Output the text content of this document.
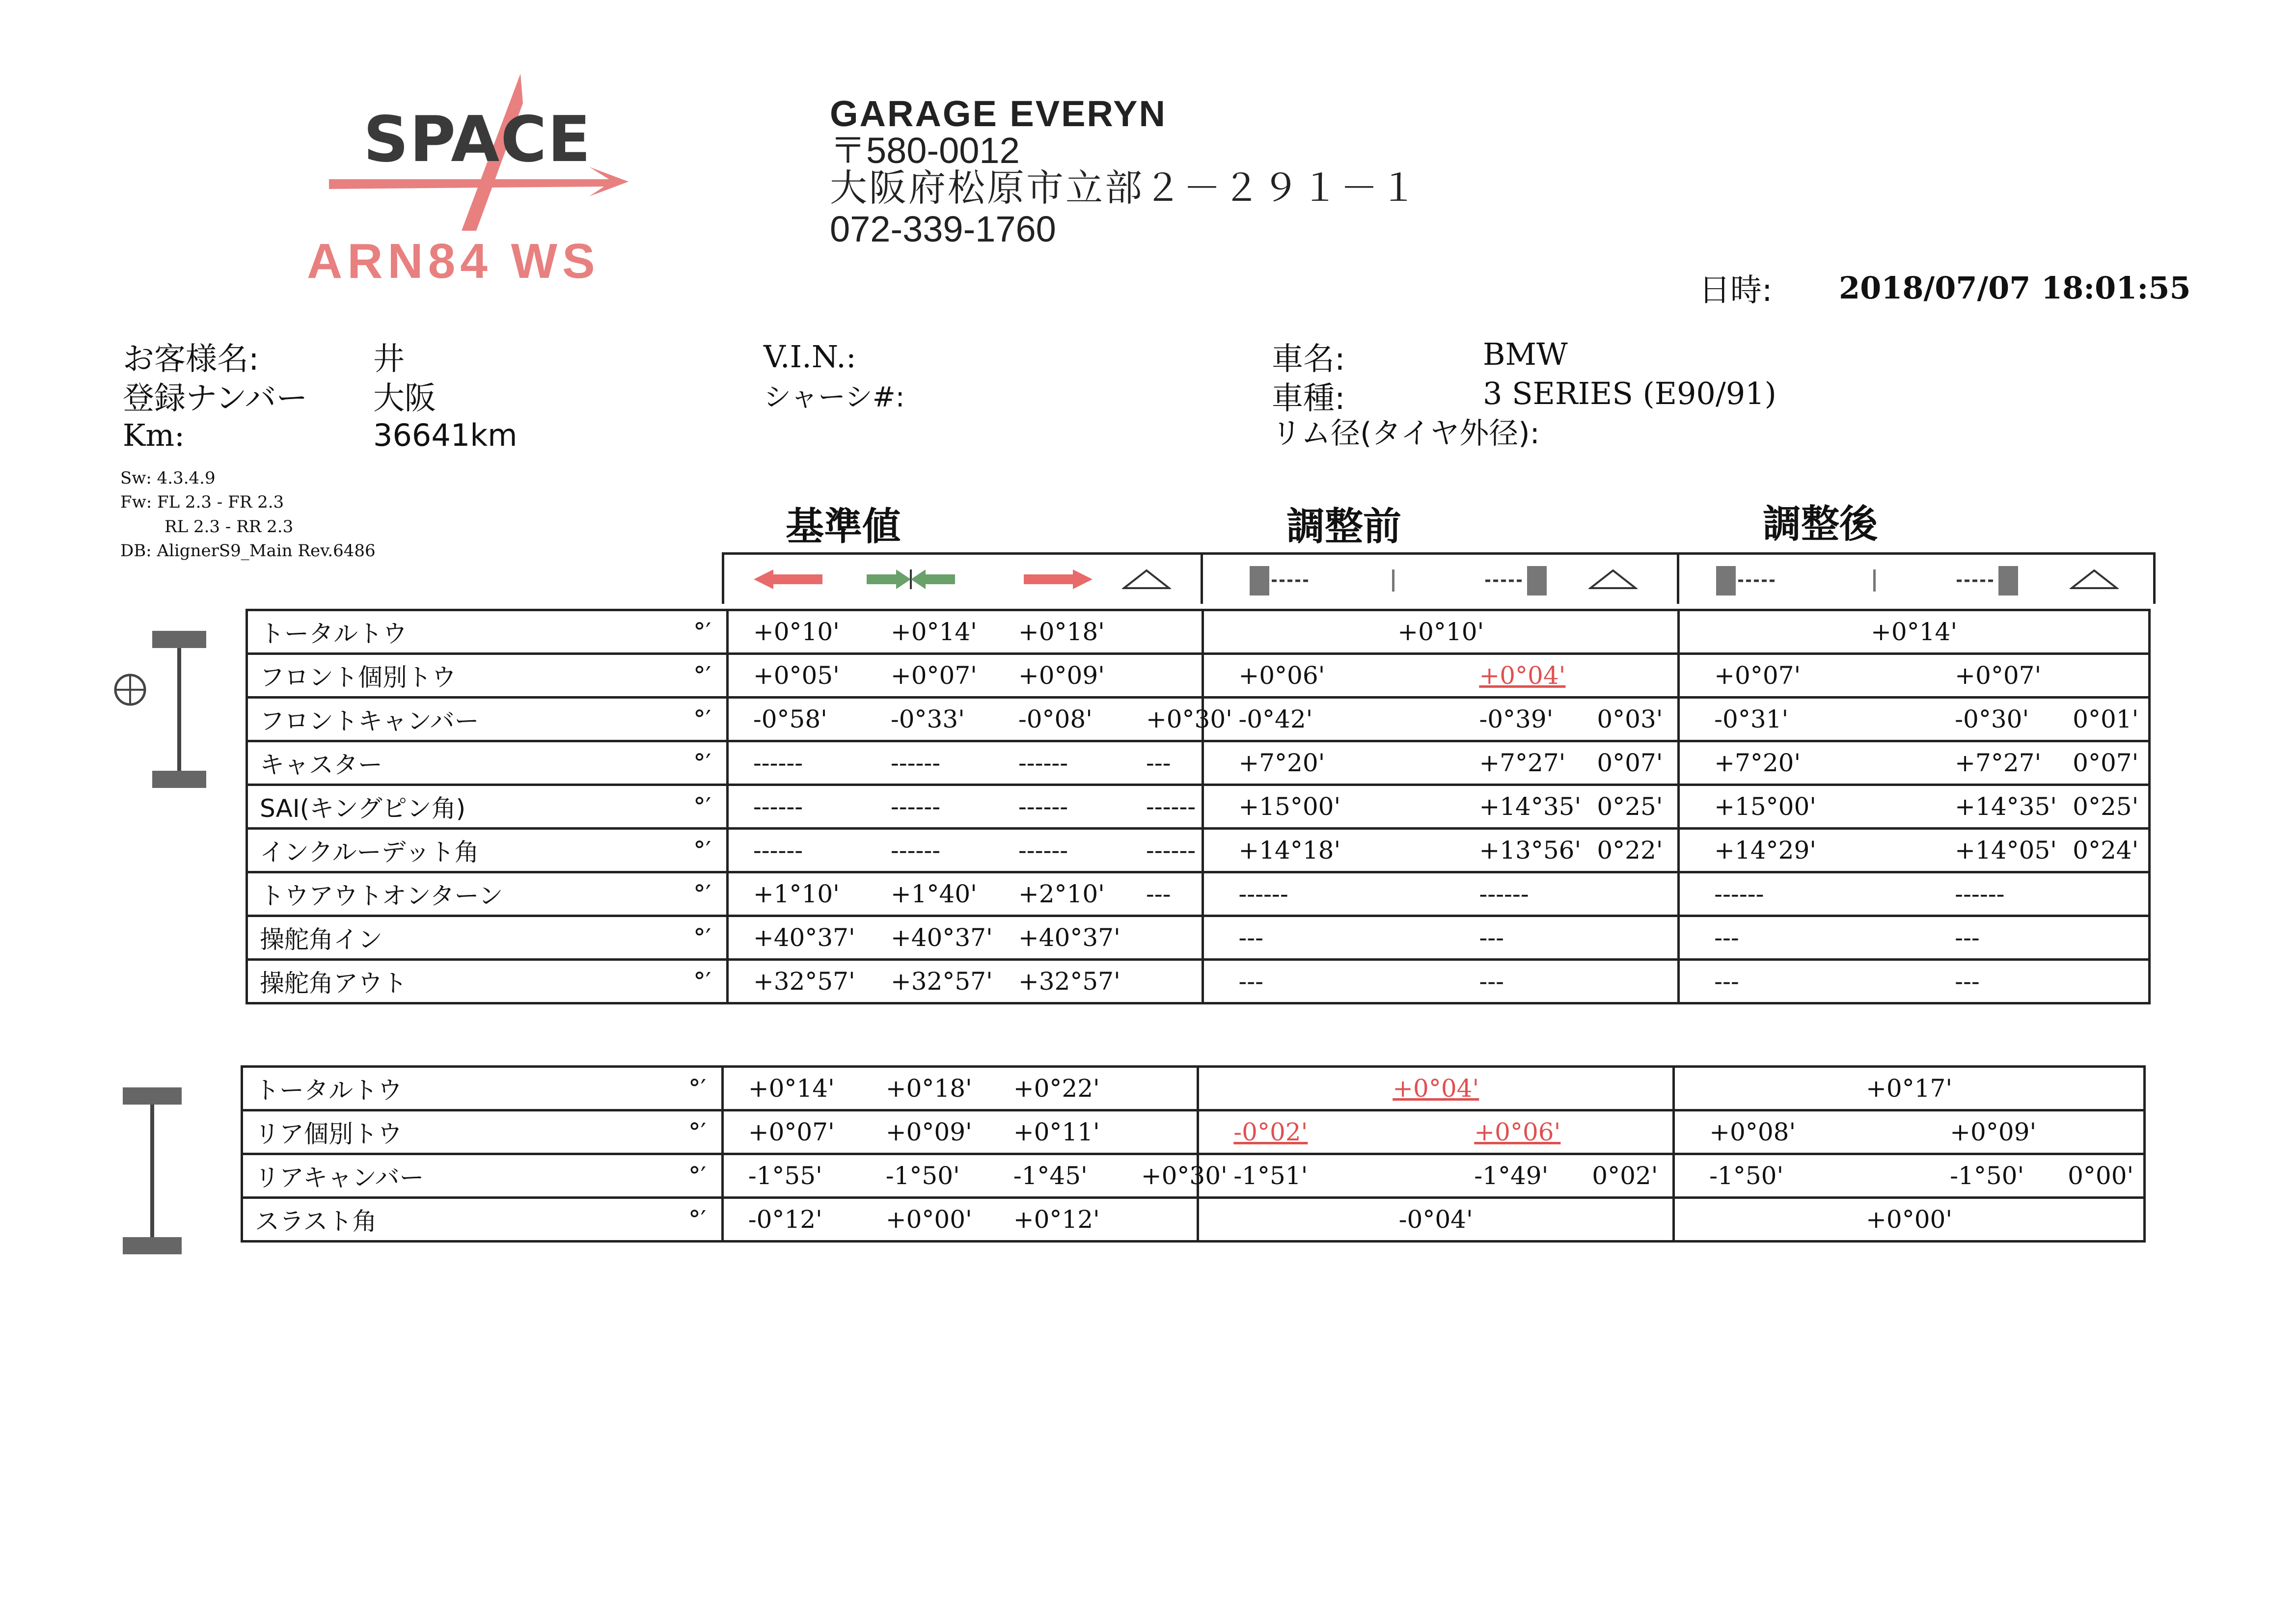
SPACE
ARN84 WS
GARAGE EVERYN
〒580-0012
大阪府松原市立部２－２９１－１
072-339-1760
日時: 2018/07/07 18:01:55
お客様名:	井
登録ナンバー 大阪
Km:	36641km
V.I.N.:
シャーシ#:
車名:	BMW
車種:	3 SERIES (E90/91)
リム径(タイヤ外径):
Sw: 4.3.4.9
Fw: FL 2.3 - FR 2.3
RL 2.3 - RR 2.3
DB: AlignerS9_Main Rev.6486
基準値	調整前	調整後
トータルトウ	°′	+0°10' +0°14' +0°18'	+0°10'	+0°14'

フロント個別トウ	°′	+0°05' +0°07' +0°09'	+0°06' +0°04'	+0°07' +0°07'

フロントキャンバー	°′	-0°58' -0°33' -0°08' +0°30'	-0°42' -0°39' 0°03'	-0°31' -0°30' 0°01'

キャスター	°′	------ ------ ------ ---	+7°20' +7°27' 0°07'	+7°20' +7°27' 0°07'

SAI(キングピン角)	°′	------ ------ ------ ------	+15°00' +14°35' 0°25'	+15°00' +14°35' 0°25'

インクルーデット角	°′	------ ------ ------ ------	+14°18' +13°56' 0°22'	+14°29' +14°05' 0°24'

トウアウトオンターン	°′	+1°10' +1°40' +2°10' ---	------ ------	------ ------

操舵角イン	°′	+40°37' +40°37' +40°37'	--- ---	--- ---

操舵角アウト	°′	+32°57' +32°57' +32°57'	--- ---	--- ---
トータルトウ	°′	+0°14' +0°18' +0°22'	+0°04'	+0°17'

リア個別トウ	°′	+0°07' +0°09' +0°11'	-0°02' +0°06'	+0°08' +0°09'

リアキャンバー	°′	-1°55' -1°50' -1°45' +0°30'	-1°51' -1°49' 0°02'	-1°50' -1°50' 0°00'

スラスト角	°′	-0°12' +0°00' +0°12'	-0°04'	+0°00'
